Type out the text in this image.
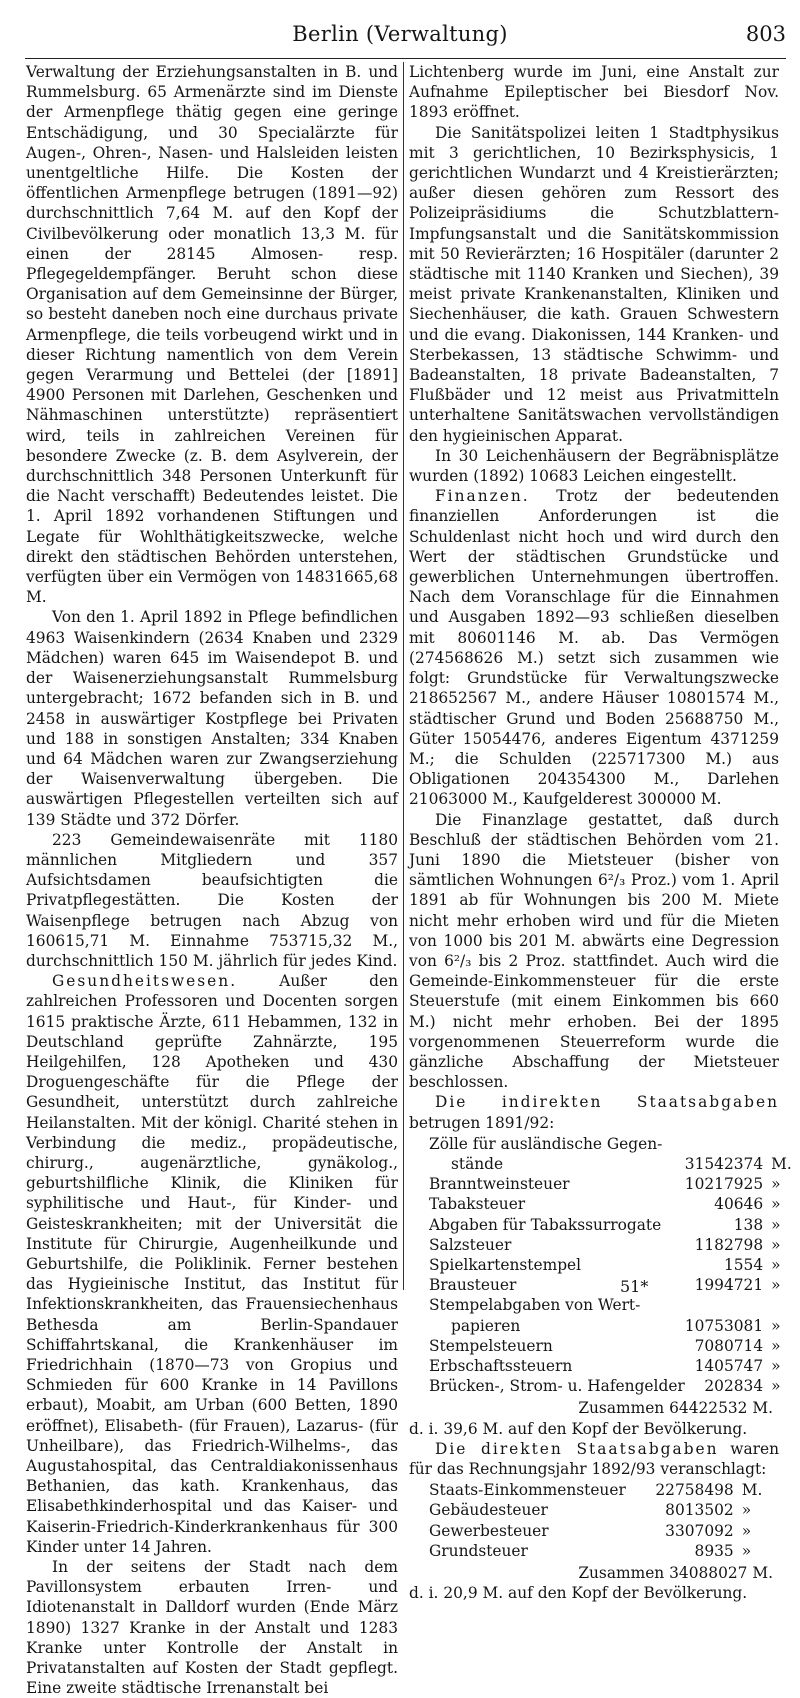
Berlin (Verwaltung)	803

Verwaltung der Erziehungsanstalten in B. und Rummelsburg. 65 Armenärzte sind im Dienste der Armenpflege thätig gegen eine geringe Entschädigung, und 30 Specialärzte für Augen-, Ohren-, Nasen- und Halsleiden leisten unentgeltliche Hilfe. Die Kosten der öffentlichen Armenpflege betrugen (1891—92) durchschnittlich 7,64 M. auf den Kopf der Civilbevölkerung oder monatlich 13,3 M. für einen der 28145 Almosen- resp. Pflegegeldempfänger. Beruht schon diese Organisation auf dem Gemeinsinne der Bürger, so besteht daneben noch eine durchaus private Armenpflege, die teils vorbeugend wirkt und in dieser Richtung namentlich von dem Verein gegen Verarmung und Bettelei (der [1891] 4900 Personen mit Darlehen, Geschenken und Nähmaschinen unterstützte) repräsentiert wird, teils in zahlreichen Vereinen für besondere Zwecke (z. B. dem Asylverein, der durchschnittlich 348 Personen Unterkunft für die Nacht verschafft) Bedeutendes leistet. Die 1. April 1892 vorhandenen Stiftungen und Legate für Wohlthätigkeitszwecke, welche direkt den städtischen Behörden unterstehen, verfügten über ein Vermögen von 14831665,68 M.

Von den 1. April 1892 in Pflege befindlichen 4963 Waisenkindern (2634 Knaben und 2329 Mädchen) waren 645 im Waisendepot B. und der Waisenerziehungsanstalt Rummelsburg untergebracht; 1672 befanden sich in B. und 2458 in auswärtiger Kostpflege bei Privaten und 188 in sonstigen Anstalten; 334 Knaben und 64 Mädchen waren zur Zwangserziehung der Waisenverwaltung übergeben. Die auswärtigen Pflegestellen verteilten sich auf 139 Städte und 372 Dörfer.

223 Gemeindewaisenräte mit 1180 männlichen Mitgliedern und 357 Aufsichtsdamen beaufsichtigten die Privatpflegestätten. Die Kosten der Waisenpflege betrugen nach Abzug von 160615,71 M. Einnahme 753715,32 M., durchschnittlich 150 M. jährlich für jedes Kind.

Gesundheitswesen. Außer den zahlreichen Professoren und Docenten sorgen 1615 praktische Ärzte, 611 Hebammen, 132 in Deutschland geprüfte Zahnärzte, 195 Heilgehilfen, 128 Apotheken und 430 Droguengeschäfte für die Pflege der Gesundheit, unterstützt durch zahlreiche Heilanstalten. Mit der königl. Charité stehen in Verbindung die mediz., propädeutische, chirurg., augenärztliche, gynäkolog., geburtshilfliche Klinik, die Kliniken für syphilitische und Haut-, für Kinder- und Geisteskrankheiten; mit der Universität die Institute für Chirurgie, Augenheilkunde und Geburtshilfe, die Poliklinik. Ferner bestehen das Hygieinische Institut, das Institut für Infektionskrankheiten, das Frauensiechenhaus Bethesda am Berlin-Spandauer Schiffahrtskanal, die Krankenhäuser im Friedrichhain (1870—73 von Gropius und Schmieden für 600 Kranke in 14 Pavillons erbaut), Moabit, am Urban (600 Betten, 1890 eröffnet), Elisabeth- (für Frauen), Lazarus- (für Unheilbare), das Friedrich-Wilhelms-, das Augustahospital, das Centraldiakonissenhaus Bethanien, das kath. Krankenhaus, das Elisabethkinderhospital und das Kaiser- und Kaiserin-Friedrich-Kinderkrankenhaus für 300 Kinder unter 14 Jahren.

In der seitens der Stadt nach dem Pavillonsystem erbauten Irren- und Idiotenanstalt in Dalldorf wurden (Ende März 1890) 1327 Kranke in der Anstalt und 1283 Kranke unter Kontrolle der Anstalt in Privatanstalten auf Kosten der Stadt gepflegt. Eine zweite städtische Irrenanstalt bei

Lichtenberg wurde im Juni, eine Anstalt zur Aufnahme Epileptischer bei Biesdorf Nov. 1893 eröffnet.

Die Sanitätspolizei leiten 1 Stadtphysikus mit 3 gerichtlichen, 10 Bezirksphysicis, 1 gerichtlichen Wundarzt und 4 Kreistierärzten; außer diesen gehören zum Ressort des Polizeipräsidiums die Schutzblattern-Impfungsanstalt und die Sanitätskommission mit 50 Revierärzten; 16 Hospitäler (darunter 2 städtische mit 1140 Kranken und Siechen), 39 meist private Krankenanstalten, Kliniken und Siechenhäuser, die kath. Grauen Schwestern und die evang. Diakonissen, 144 Kranken- und Sterbekassen, 13 städtische Schwimm- und Badeanstalten, 18 private Badeanstalten, 7 Flußbäder und 12 meist aus Privatmitteln unterhaltene Sanitätswachen vervollständigen den hygieinischen Apparat.

In 30 Leichenhäusern der Begräbnisplätze wurden (1892) 10683 Leichen eingestellt.

Finanzen. Trotz der bedeutenden finanziellen Anforderungen ist die Schuldenlast nicht hoch und wird durch den Wert der städtischen Grundstücke und gewerblichen Unternehmungen übertroffen. Nach dem Voranschlage für die Einnahmen und Ausgaben 1892—93 schließen dieselben mit 80601146 M. ab. Das Vermögen (274568626 M.) setzt sich zusammen wie folgt: Grundstücke für Verwaltungszwecke 218652567 M., andere Häuser 10801574 M., städtischer Grund und Boden 25688750 M., Güter 15054476, anderes Eigentum 4371259 M.; die Schulden (225717300 M.) aus Obligationen 204354300 M., Darlehen 21063000 M., Kaufgelderest 300000 M.

Die Finanzlage gestattet, daß durch Beschluß der städtischen Behörden vom 21. Juni 1890 die Mietsteuer (bisher von sämtlichen Wohnungen 6²/₃ Proz.) vom 1. April 1891 ab für Wohnungen bis 200 M. Miete nicht mehr erhoben wird und für die Mieten von 1000 bis 201 M. abwärts eine Degression von 6²/₃ bis 2 Proz. stattfindet. Auch wird die Gemeinde-Einkommensteuer für die erste Steuerstufe (mit einem Einkommen bis 660 M.) nicht mehr erhoben. Bei der 1895 vorgenommenen Steuerreform wurde die gänzliche Abschaffung der Mietsteuer beschlossen.

Die indirekten Staatsabgaben betrugen 1891/92:

Zölle für ausländische Gegen-		
stände	31542374	M.
Branntweinsteuer	10217925	»
Tabaksteuer	40646	»
Abgaben für Tabakssurrogate	138	»
Salzsteuer	1182798	»
Spielkartenstempel	1554	»
Brausteuer	1994721	»
Stempelabgaben von Wert-		
papieren	10753081	»
Stempelsteuern	7080714	»
Erbschaftssteuern	1405747	»
Brücken-, Strom- u. Hafengelder	202834	»
Zusammen 64422532 M.

d. i. 39,6 M. auf den Kopf der Bevölkerung.

Die direkten Staatsabgaben waren für das Rechnungsjahr 1892/93 veranschlagt:

Staats-Einkommensteuer	22758498	M.
Gebäudesteuer	8013502	»
Gewerbesteuer	3307092	»
Grundsteuer	8935	»
Zusammen 34088027 M.

d. i. 20,9 M. auf den Kopf der Bevölkerung.

51*
